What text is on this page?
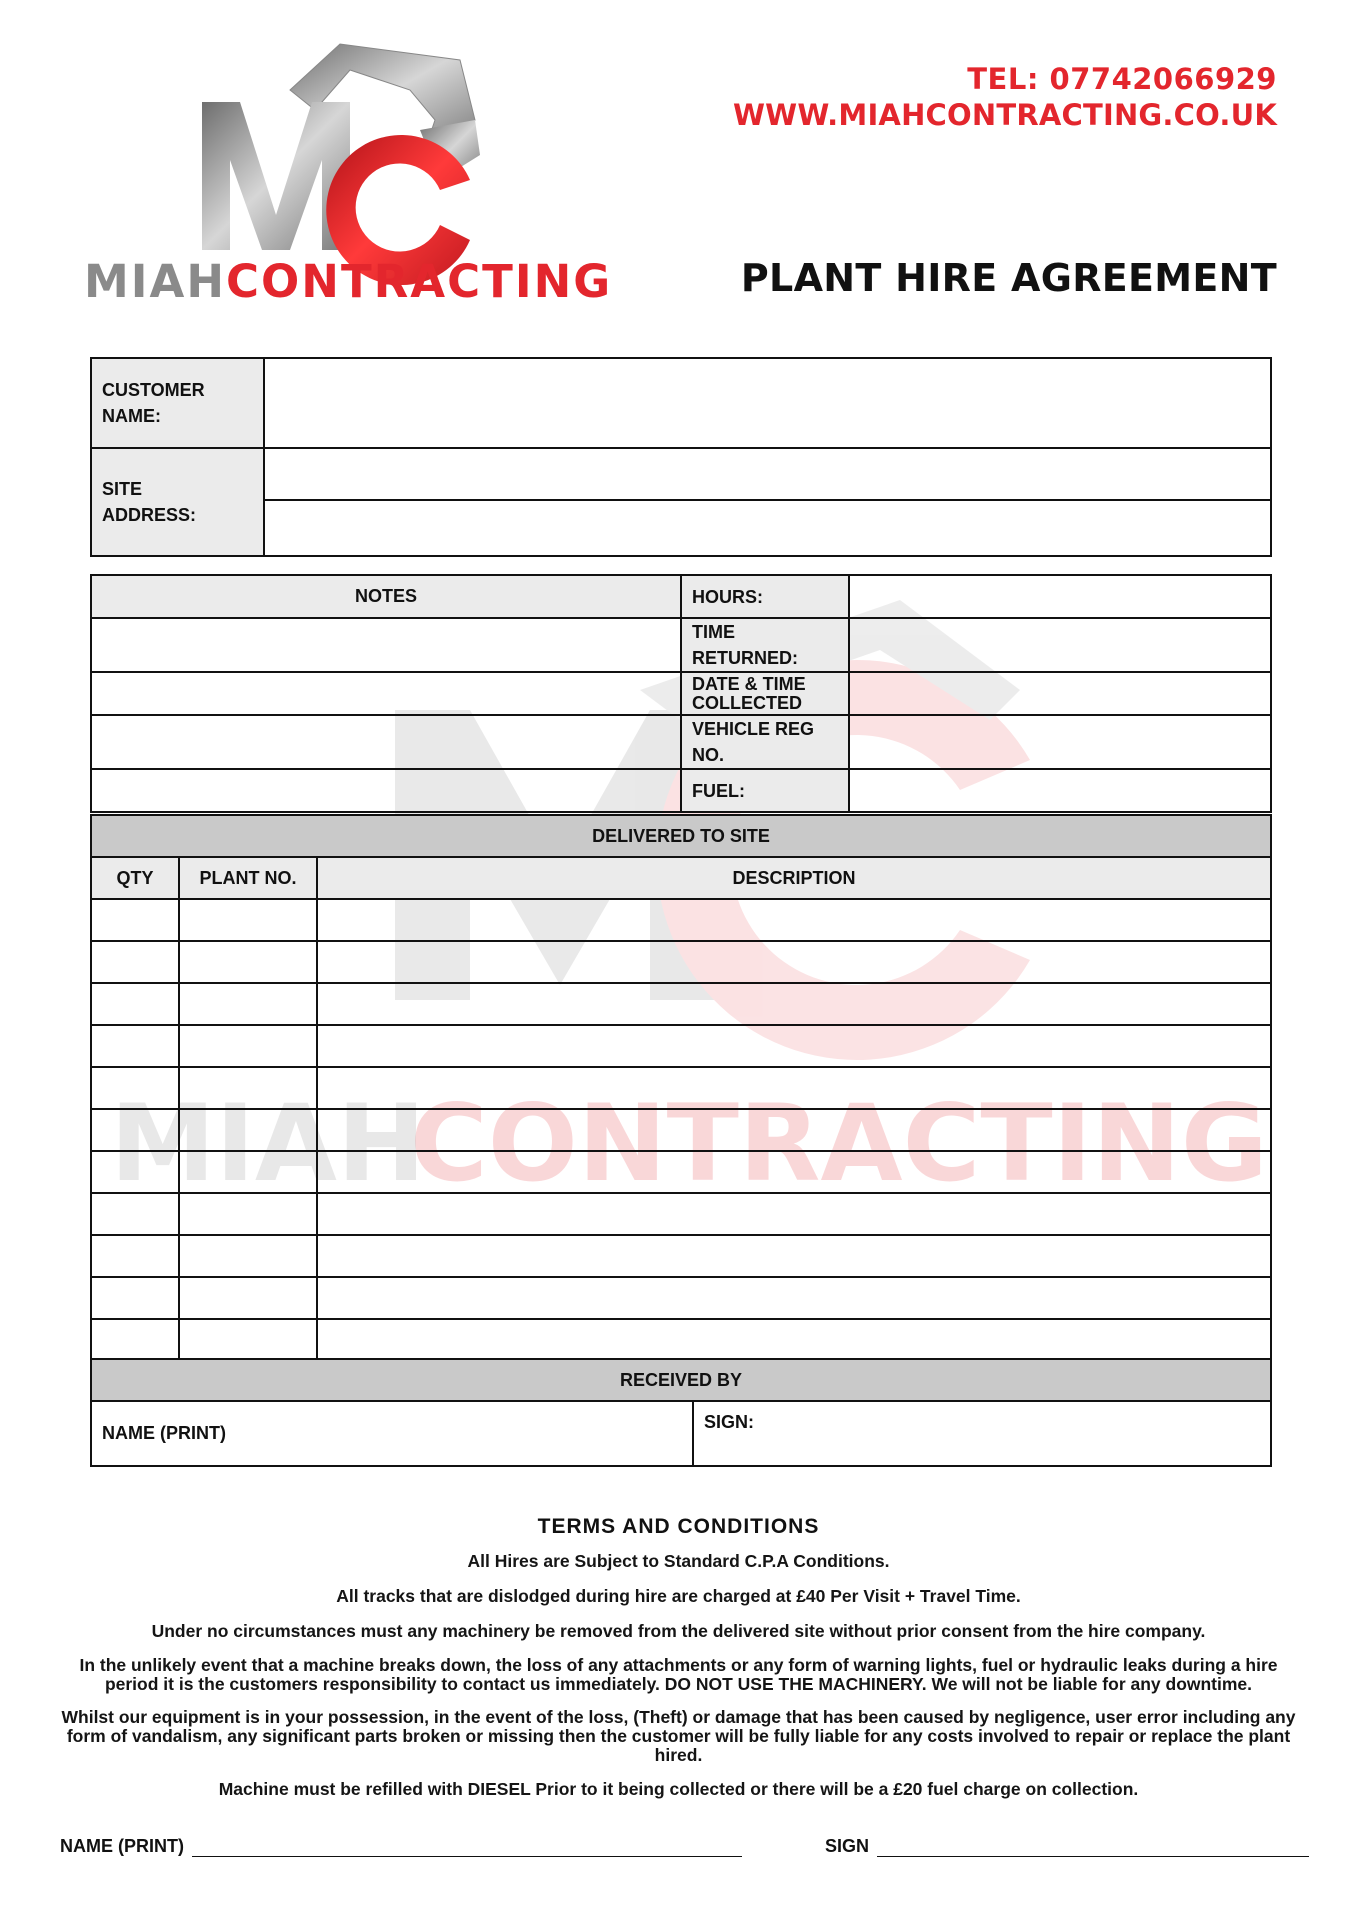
MIAH
CONTRACTING
MIAHCONTRACTING
TEL: 07742066929
WWW.MIAHCONTRACTING.CO.UK
PLANT HIRE AGREEMENT
CUSTOMER NAME:	

SITE ADDRESS:	

NOTES	HOURS:	
	TIME RETURNED:	

	DATE & TIME COLLECTED	

	VEHICLE REG NO.	
	FUEL:	
DELIVERED TO SITE		
QTY	PLANT NO.	DESCRIPTION

RECEIVED BY
NAME (PRINT)	SIGN:
TERMS AND CONDITIONS

All Hires are Subject to Standard C.P.A Conditions.

All tracks that are dislodged during hire are charged at £40 Per Visit + Travel Time.

Under no circumstances must any machinery be removed from the delivered site without prior consent from the hire company.

In the unlikely event that a machine breaks down, the loss of any attachments or any form of warning lights, fuel or hydraulic leaks during a hire period it is the customers responsibility to contact us immediately. DO NOT USE THE MACHINERY. We will not be liable for any downtime.

Whilst our equipment is in your possession, in the event of the loss, (Theft) or damage that has been caused by negligence, user error including any form of vandalism, any significant parts broken or missing then the customer will be fully liable for any costs involved to repair or replace the plant hired.

Machine must be refilled with DIESEL Prior to it being collected or there will be a £20 fuel charge on collection.

NAME (PRINT)	SIGN
